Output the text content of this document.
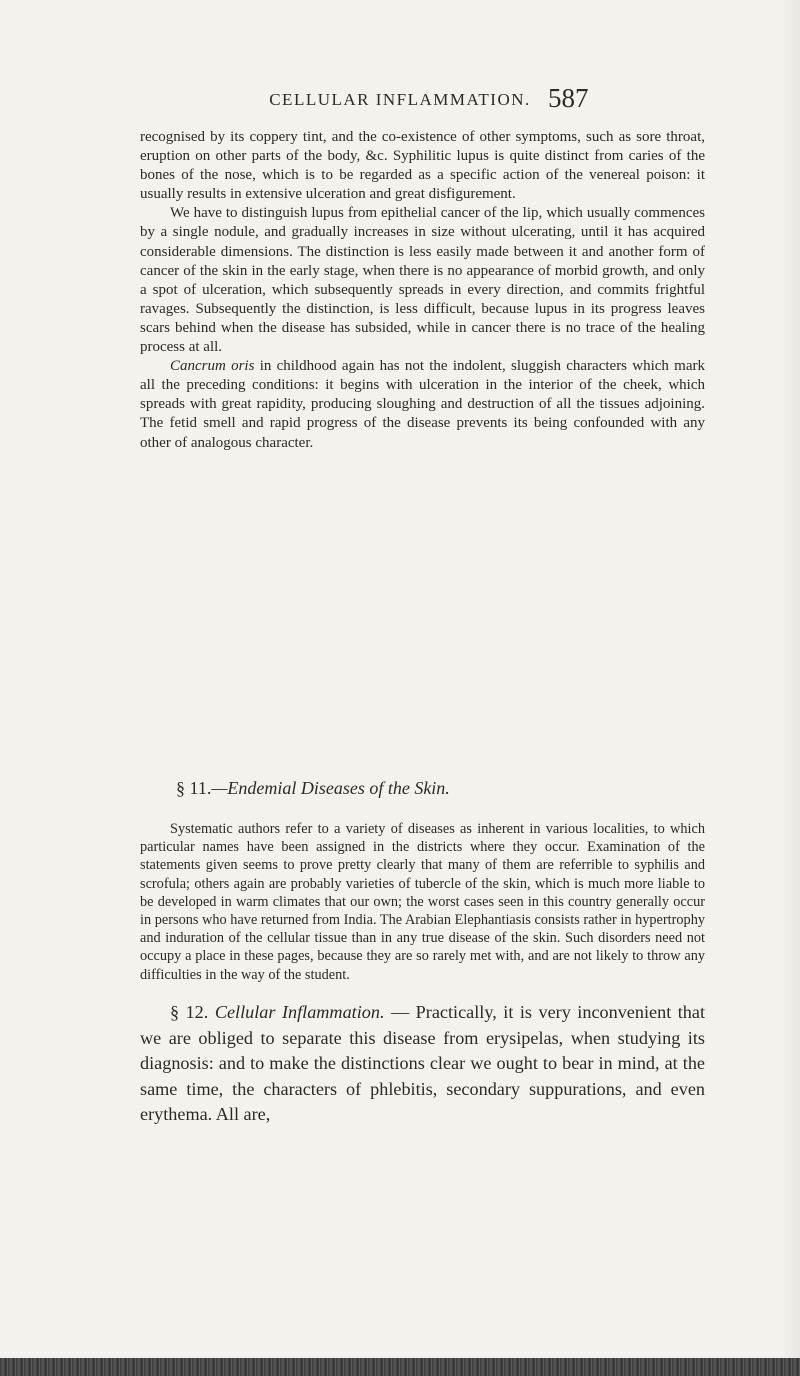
CELLULAR INFLAMMATION. 587

recognised by its coppery tint, and the co-existence of other symptoms, such as sore throat, eruption on other parts of the body, &c. Syphilitic lupus is quite distinct from caries of the bones of the nose, which is to be regarded as a specific action of the venereal poison: it usually results in extensive ulceration and great disfigurement.

We have to distinguish lupus from epithelial cancer of the lip, which usually commences by a single nodule, and gradually increases in size without ulcerating, until it has acquired considerable dimensions. The distinction is less easily made between it and another form of cancer of the skin in the early stage, when there is no appearance of morbid growth, and only a spot of ulceration, which subsequently spreads in every direction, and commits frightful ravages. Subsequently the distinction, is less difficult, because lupus in its progress leaves scars behind when the disease has subsided, while in cancer there is no trace of the healing process at all.

Cancrum oris in childhood again has not the indolent, sluggish characters which mark all the preceding conditions: it begins with ulceration in the interior of the cheek, which spreads with great rapidity, producing sloughing and destruction of all the tissues adjoining. The fetid smell and rapid progress of the disease prevents its being confounded with any other of analogous character.

§ 11.—Endemial Diseases of the Skin.

Systematic authors refer to a variety of diseases as inherent in various localities, to which particular names have been assigned in the districts where they occur. Examination of the statements given seems to prove pretty clearly that many of them are referrible to syphilis and scrofula; others again are probably varieties of tubercle of the skin, which is much more liable to be developed in warm climates that our own; the worst cases seen in this country generally occur in persons who have returned from India. The Arabian Elephantiasis consists rather in hypertrophy and induration of the cellular tissue than in any true disease of the skin. Such disorders need not occupy a place in these pages, because they are so rarely met with, and are not likely to throw any difficulties in the way of the student.

§ 12. Cellular Inflammation. — Practically, it is very inconvenient that we are obliged to separate this disease from erysipelas, when studying its diagnosis: and to make the distinctions clear we ought to bear in mind, at the same time, the characters of phlebitis, secondary suppurations, and even erythema. All are,
